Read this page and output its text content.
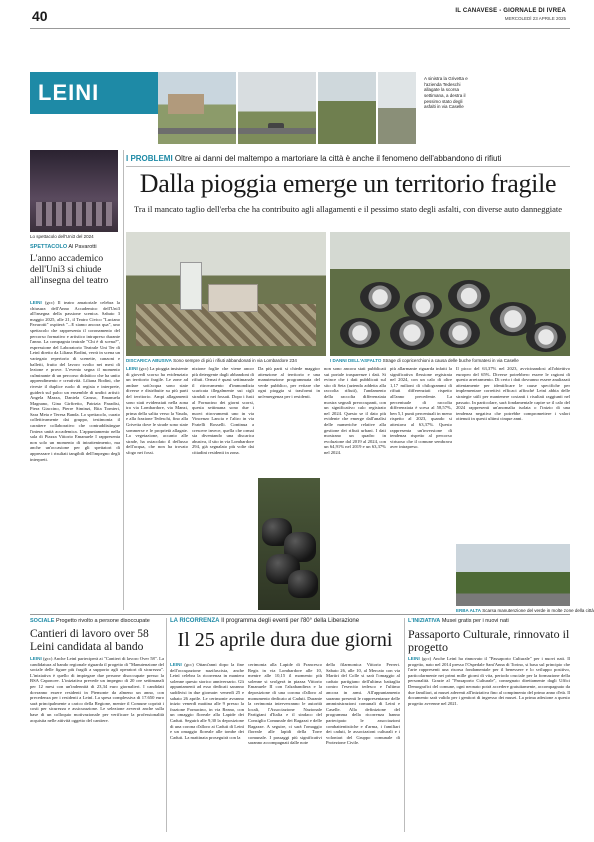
40	IL CANAVESE - GIORNALE DI IVREA
MERCOLEDÌ 23 APRILE 2025
LEINI
A sinistra la Grivetta e l'azienda Tedeschi allagate la scorsa settimana, a destra il pessimo stato degli asfalti in via Caselle
Lo spettacolo dell'Uni3 del 2024
SPETTACOLO Al Pavarotti
L'anno accademico dell'Uni3 si chiude all'insegna del teatro
LEINI (gcc) Il teatro amatoriale celebra la chiusura dell'Anno Accademico dell'Uni3 all'insegna della passione scenica. Sabato 3 maggio 2025, alle 21, il Teatro Civico "Luciano Pavarotti" ospiterà "...E siamo ancora qua", uno spettacolo che rappresenta il coronamento del percorso formativo e artistico intrapreso durante l'anno. La compagnia teatrale "Chi è di scena?", espressione del Laboratorio Teatrale Uni Ter di Leinì diretto da Liliana Bodini, verrà in scena un variegato repertorio di scenette, canzoni e balletti, frutto del lavoro svolto nei mesi di lezione e prove. L'evento segna il momento culminante di un percorso didattico che ha unito apprendimento e creatività. Liliana Bodini, che riveste il duplice ruolo di regista e interprete, guiderà sul palco un ensemble di undici artisti: Angela Mazza, Daniela Caruso, Emanuela Magnano, Gina Girfiretto, Patrizia Paradisi, Piera Giaccino, Pierre Siminzi, Rita Tornieri, Sara Meta e Teresa Banda. Lo spettacolo, curato collettivamente dai gruppo, testimonia il carattere collaborativo che contraddistingue l'intera unità accademica. L'appuntamento nella sala di Piazza Vittorio Emanuele I rappresenta non solo un momento di intrattenimento, ma anche un'occasione per gli spettatori di apprezzare i risultati tangibili dell'impegno degli interpreti.
I PROBLEMI Oltre ai danni del maltempo a martoriare la città è anche il fenomeno dell'abbandono di rifiuti
Dalla pioggia emerge un territorio fragile
Tra il mancato taglio dell'erba che ha contribuito agli allagamenti e il pessimo stato degli asfalti, con diverse auto danneggiate
DISCARICA ABUSIVA Sono sempre di più i rifiuti abbandonati in via Lombardore 234	I DANNI DELL'ASFALTO Strage di copricerchioni a causa delle buche formatesi in via Caselle
LEINI (gcc) La pioggia insistente di giovedì scorso ha evidenziato un territorio fragile. Le zone ad andare sott'acqua sono state diverse e distribuite su più parti del territorio. Ampi allagamenti sono stati evidenziati nella zona tra via Lombardore, via Manzi, prima della salita verso la Vauda, e alla frazione Tedeschi, fino alla Grivetta dove le strade sono state sommerse e le proprietà allagate. La vegetazione, accanto alle strade, ha ostacolato il deflusso dell'acqua, che non ha trovato sfogo nei fossi.
nizione foglie che viene ancor più detergente dagli abbandoni di rifiuti. Ormai è quasi settimanale il ritrovamento d'immondizia scaricata illegalmente sui cigli stradali o nei fossati. Dopo i fusti al Fornacino dei giorni scorsi, questa settimana sono due i nuovi ritrovamenti uno in via Vincenzo Lancia e l'altro in via Fratelli Rosselli. Continua a crescere invece, quella che ormai sta diventando una discarica abusiva, il sito in via Lombardore 294, già segnalato più volte dai cittadini residenti in zona.
Da più parti si chiede maggior attenzione al territorio e una manutenzione programmata del verde pubblico, per evitare che ogni pioggia si trasformi in un'emergenza per i residenti.
non sono ancora stati pubblicati sui portale trasparenze i dati. Si evince che i dati pubblicati sul sito di Seta (azienda addetta alla raccolta rifiuti), l'andamento della raccolta differenziata mostra segnali preoccupanti, con un significativo calo registrato nel 2024. Questo se il dato più evidente che emerge dall'analisi delle numeriche relative alla gestione dei rifiuti urbani. I dati mostrano un quadro in evoluzione dal 2019 al 2024, con un 64,91% nel 2019 e un 63,37% nel 2024.
più allarmante riguarda infatti la significativa flessione registrata nel 2024, con un calo di oltre 1,17 milioni di chilogrammi di rifiuti differenziati rispetto all'anno precedente. La percentuale di raccolta differenziata è scesa al 58,57%, ben 5,1 punti percentuali in meno rispetto al 2023, quando si attestava al 63,37%. Questo rappresenta un'inversione di tendenza rispetto al percorso virtuoso che il comune sembrava aver intrapreso.
Il picco del 63,37% nel 2023, avvicinandosi all'obiettivo europeo del 65%. Diverse potrebbero essere le ragioni di questo arretramento. Di certo i dati dovranno essere analizzati attentamente per identificare le cause specifiche per implementare correttivi efficaci affinché Leinì abbia delle strategie utili per mantenere costanti i risultati raggiunti nel passato. In particolare, sarà fondamentale capire se il calo del 2024 rappresenti un'anomalia isolata o l'inizio di una tendenza negativa che potrebbe compromettere i valori ottenuti in questi ultimi cinque anni.
ERBA ALTA Scarsa manutenzione del verde in molte zone della città
SOCIALE Progetto rivolto a persone disoccupate
Cantieri di lavoro over 58 Leini candidata al bando
LEINI (gcc) Anche Leinì parteciperà ai "Cantieri di lavoro Over 58". La candidatura al bando regionale riguarda il progetto di "Manutenzione del sociale delle figure più fragili a supporto agli operatori di sicurezza". L'iniziativa è quello di impiegare due persone disoccupate presso la BSA Caponcee. L'iniziativa prevede un impegno di 20 ore settimanali per 12 mesi con un'indennità di 23,34 euro giornalieri. I candidati dovranno essere residenti in Piemonte da almeno un anno, con precedenza per i residenti a Leinì. La spesa complessiva di 17.650 euro sarà principalmente a carico della Regione, mentre il Comune coprirà i costi per sicurezza e assicurazione. Le selezione avverrà anche sulla base di un colloquio motivazionale per verificare la professionalità acquisita nelle attività oggetto del cantiere.
LA RICORRENZA Il programma degli eventi per l'80° della Liberazione
Il 25 aprile dura due giorni
LEINI (gcc) Ottant'anni dopo la fine dell'occupazione nazifascista, anche Leinì celebra la ricorrenza in maniera solenne questo storico anniversario. Gli appuntamenti ad esso dedicati saranno suddivisi in due giornate: venerdì 25 e sabato 26 aprile. Le cerimonie avranno inizio venerdì mattina alle 9 presso la frazione Fornacino, in via Reano, con un omaggio floreale alla Lapide dei Caduti. Seguirà alle 9,30 la deposizione di una corona d'alloro ai Caduti di Leinì e un omaggio floreale alle tombe dei Caduti. La mattinata proseguirà con la
cerimonia alla Lapide di Francesco Regis in via Lombardore alle 10, mentre alle 10,15 il momento più solenne si svolgerà in piazza Vittorio Emanuele II con l'alzabandiera e la deposizione di una corona d'alloro al monumento dedicato ai Caduti. Durante la cerimonia interverranno le autorità locali, l'Associazione Nazionale Partigiani d'Italia e il sindaco del Consiglio Comunale dei Ragazzi e delle Ragazze. A seguire, ci sarà l'omaggio floreale alle lapidi della Torre comunale. I passaggi più significativi saranno accompagnati dalle note
della filarmonica Vittorio Ferreri. Sabato 26, alle 10, al Mercato con via Martiri del Colle si sarà l'omaggio al caduto partigiano dell'ultima battaglia contro l'esercito tedesco e l'ultimo ancora in armi. All'appuntamento saranno presenti le rappresentanze delle amministrazioni comunali di Leinì e Caselle. Alla definizione del programma della ricorrenza hanno partecipato le associazioni combattentistiche e d'arma, i familiari dei caduti, le associazioni culturali e i volontari del Gruppo comunale di Protezione Civile.
L'INIZIATIVA Musei gratis per i nuovi nati
Passaporto Culturale, rinnovato il progetto
LEINI (gcc) Anche Leinì ha rinnovato il "Passaporto Culturale" per i nuovi nati. Il progetto, nato nel 2014 presso l'Ospedale Sant'Anna di Torino, si basa sul principio che l'arte rappresenti una risorsa fondamentale per il benessere e lo sviluppo positivo, particolarmente nei primi mille giorni di vita, periodo cruciale per la formazione della personalità. Grazie al "Passaporto Culturale", consegnato direttamente dagli Uffici Demografici del comune, ogni neonato potrà accedere gratuitamente, accompagnato da due familiari, ai musei aderenti all'iniziativa fino al compimento del primo anno d'età. Il documento sarà valido per i genitori di ingresso dei musei. La prima adesione a questo progetto avvenne nel 2021.
